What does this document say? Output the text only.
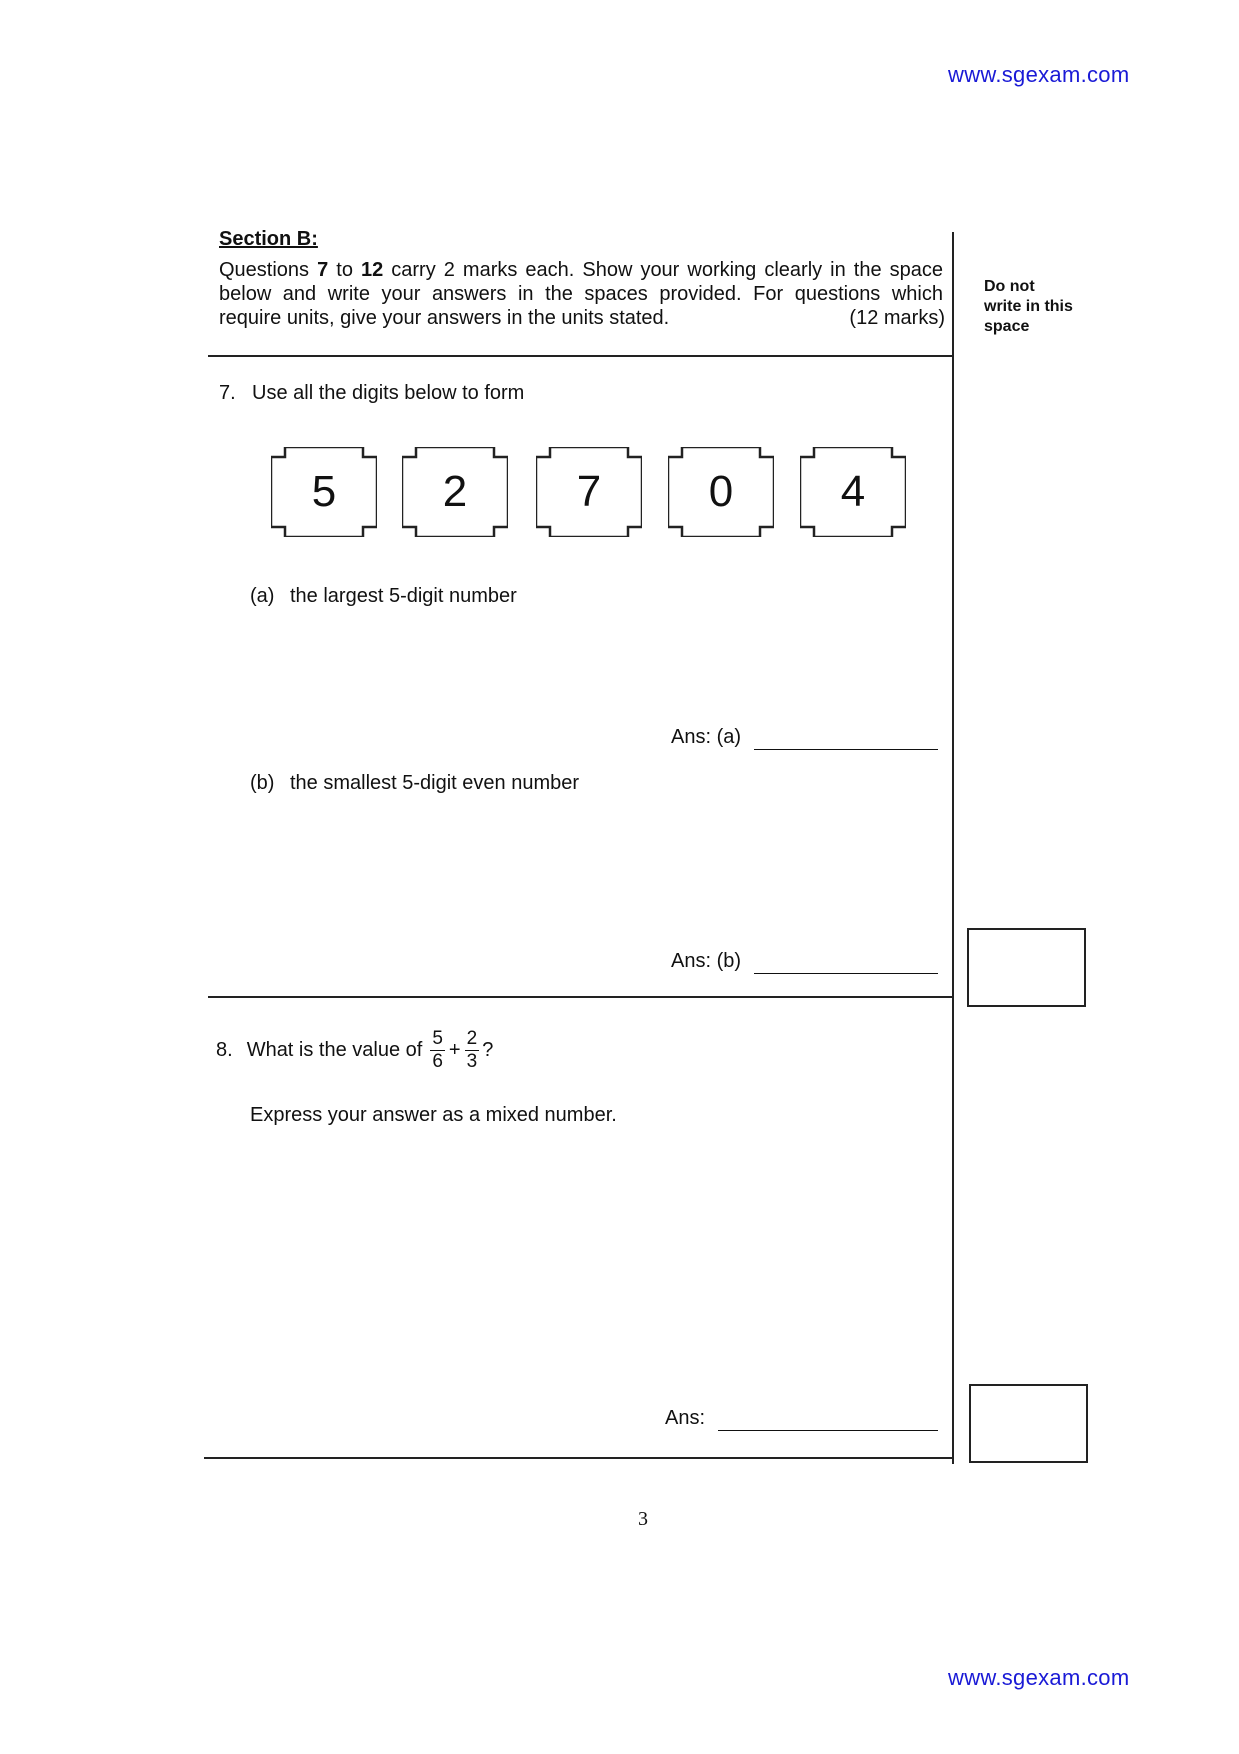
www.sgexam.com
www.sgexam.com
Section B:
Questions 7 to 12 carry 2 marks each. Show your working clearly in the space below and write your answers in the spaces provided. For questions which require units, give your answers in the units stated.	(12 marks)
Do not
write in this
space
7. Use all the digits below to form
5	2	7	0	4
(a) the largest 5-digit number
Ans: (a)
(b) the smallest 5-digit even number
Ans: (b)
8. What is the value of $\frac{5}{6} + \frac{2}{3}$ ?
Express your answer as a mixed number.
Ans:
3
